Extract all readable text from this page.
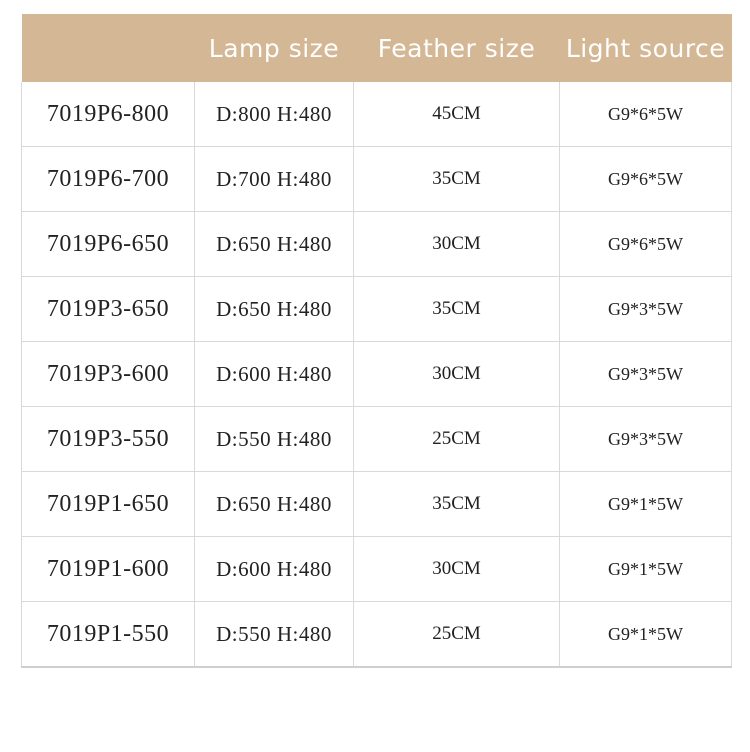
	Lamp size	Feather size	Light source
7019P6-800	D:800 H:480	45CM	G9*6*5W
7019P6-700	D:700 H:480	35CM	G9*6*5W
7019P6-650	D:650 H:480	30CM	G9*6*5W
7019P3-650	D:650 H:480	35CM	G9*3*5W
7019P3-600	D:600 H:480	30CM	G9*3*5W
7019P3-550	D:550 H:480	25CM	G9*3*5W
7019P1-650	D:650 H:480	35CM	G9*1*5W
7019P1-600	D:600 H:480	30CM	G9*1*5W
7019P1-550	D:550 H:480	25CM	G9*1*5W
